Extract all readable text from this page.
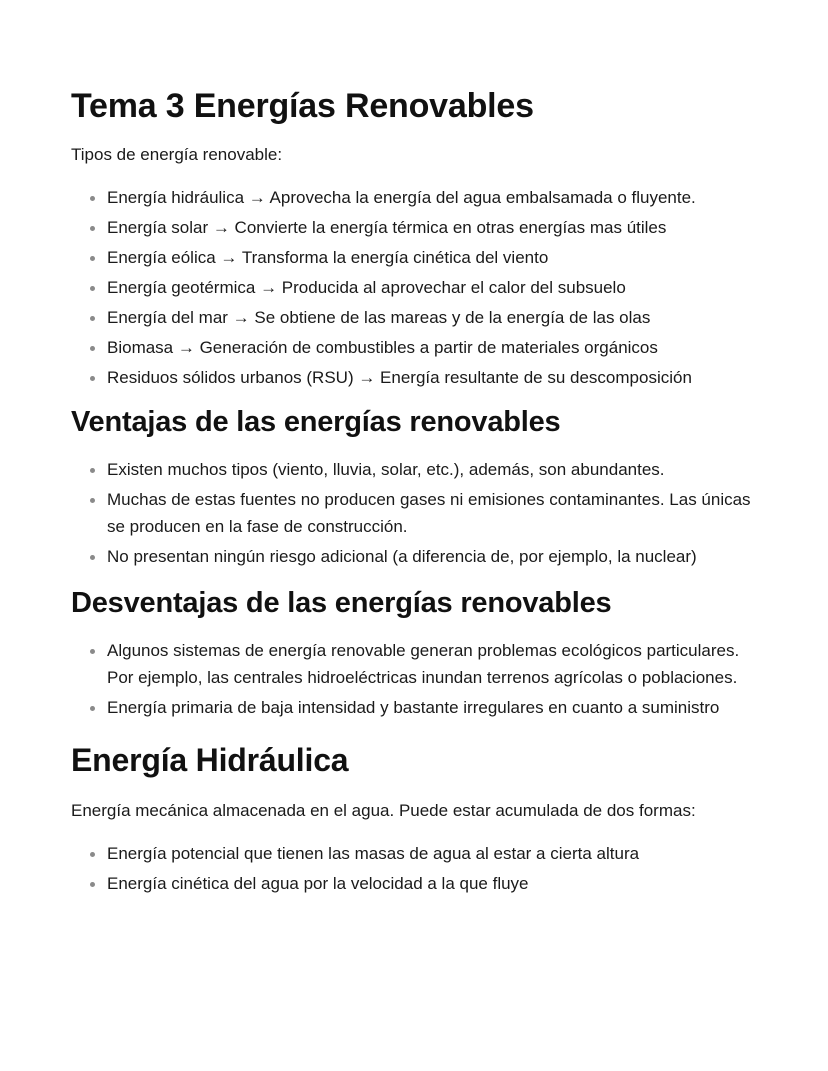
Tema 3 Energías Renovables

Tipos de energía renovable:

Energía hidráulica → Aprovecha la energía del agua embalsamada o fluyente.
Energía solar → Convierte la energía térmica en otras energías mas útiles
Energía eólica → Transforma la energía cinética del viento
Energía geotérmica → Producida al aprovechar el calor del subsuelo
Energía del mar → Se obtiene de las mareas y de la energía de las olas
Biomasa → Generación de combustibles a partir de materiales orgánicos
Residuos sólidos urbanos (RSU) → Energía resultante de su descomposición
Ventajas de las energías renovables
Existen muchos tipos (viento, lluvia, solar, etc.), además, son abundantes.
Muchas de estas fuentes no producen gases ni emisiones contaminantes. Las únicas se producen en la fase de construcción.
No presentan ningún riesgo adicional (a diferencia de, por ejemplo, la nuclear)
Desventajas de las energías renovables
Algunos sistemas de energía renovable generan problemas ecológicos particulares. Por ejemplo, las centrales hidroeléctricas inundan terrenos agrícolas o poblaciones.
Energía primaria de baja intensidad y bastante irregulares en cuanto a suministro
Energía Hidráulica

Energía mecánica almacenada en el agua. Puede estar acumulada de dos formas:

Energía potencial que tienen las masas de agua al estar a cierta altura
Energía cinética del agua por la velocidad a la que fluye
